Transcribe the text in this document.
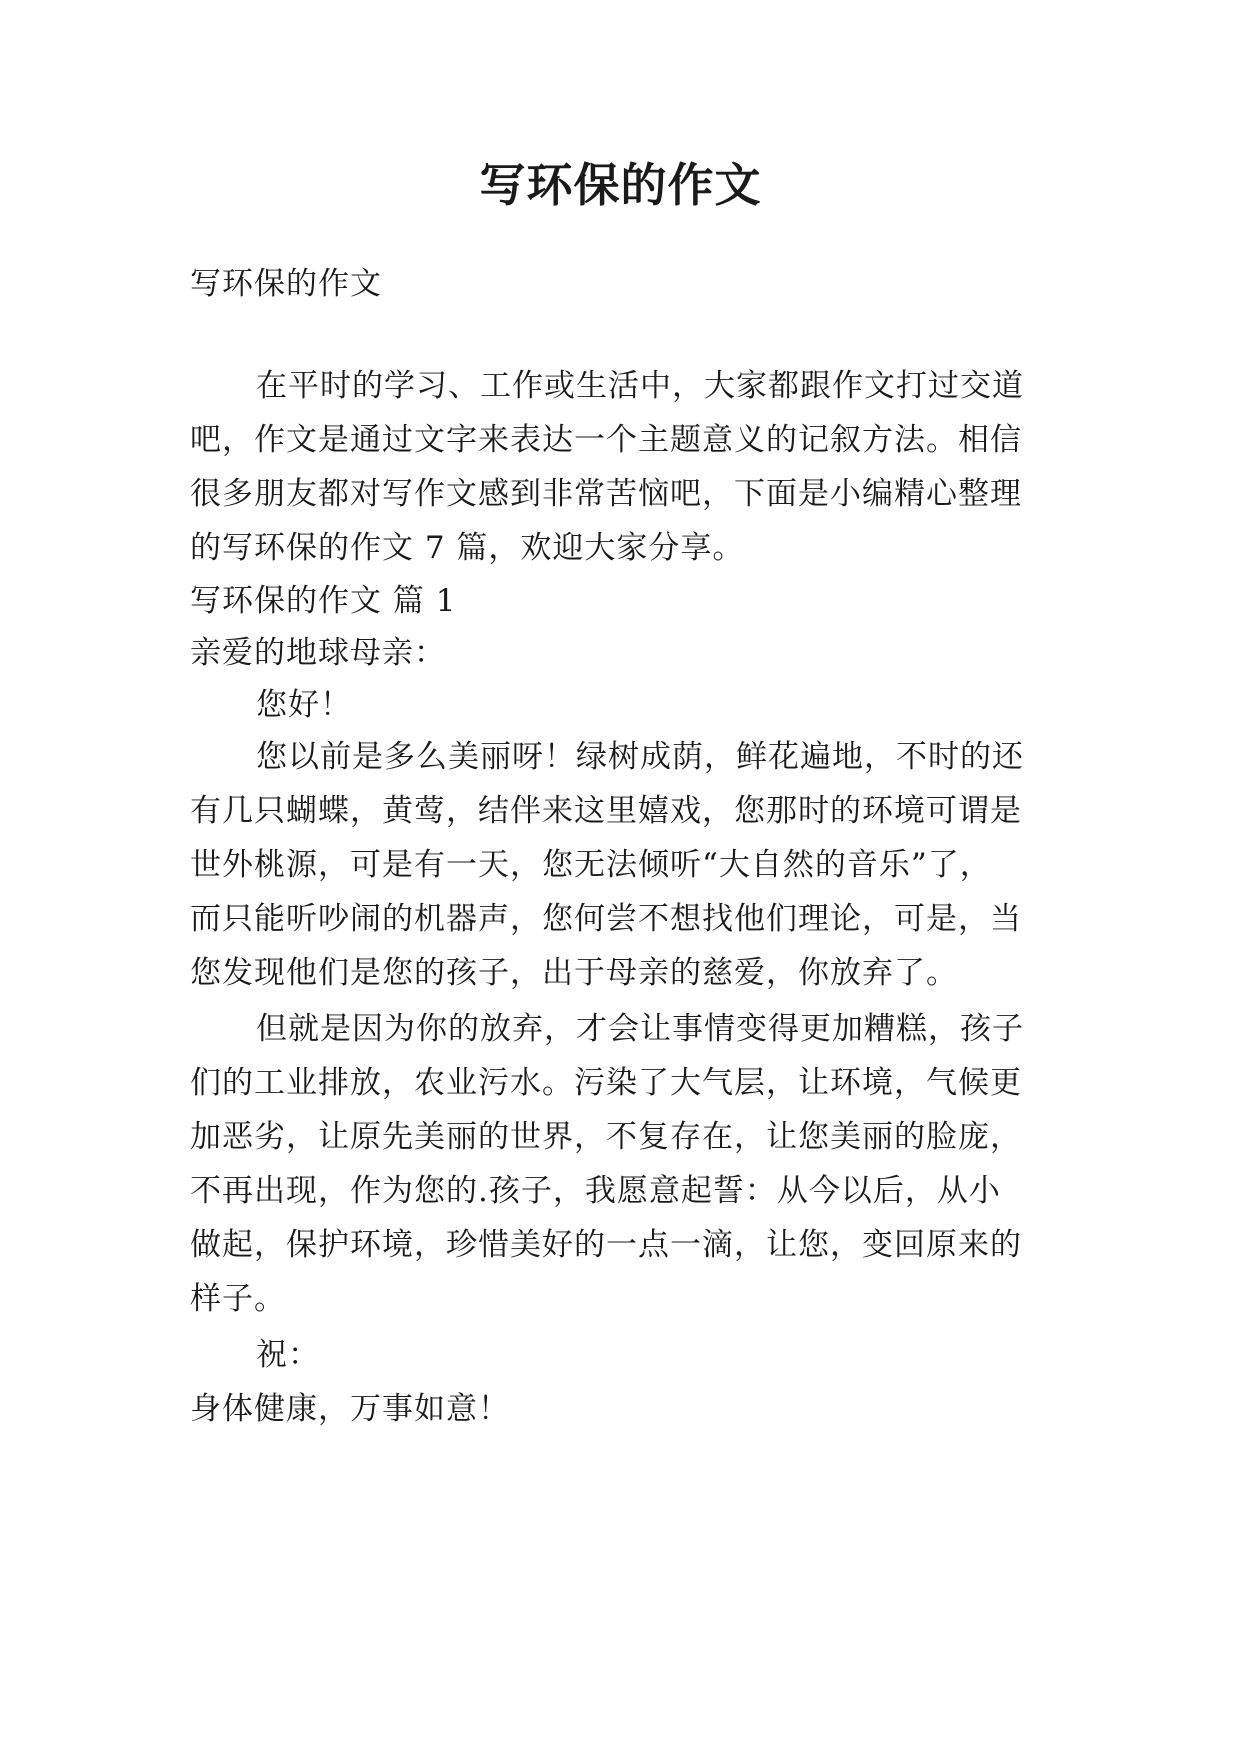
写环保的作文
写环保的作文
在平时的学习、工作或生活中，大家都跟作文打过交道
吧，作文是通过文字来表达一个主题意义的记叙方法。相信
很多朋友都对写作文感到非常苦恼吧，下面是小编精心整理
的写环保的作文 7 篇，欢迎大家分享。
写环保的作文 篇 1
亲爱的地球母亲：
您好！
您以前是多么美丽呀！绿树成荫，鲜花遍地，不时的还
有几只蝴蝶，黄莺，结伴来这里嬉戏，您那时的环境可谓是
世外桃源，可是有一天，您无法倾听“大自然的音乐”了，
而只能听吵闹的机器声，您何尝不想找他们理论，可是，当
您发现他们是您的孩子，出于母亲的慈爱，你放弃了。
但就是因为你的放弃，才会让事情变得更加糟糕，孩子
们的工业排放，农业污水。污染了大气层，让环境，气候更
加恶劣，让原先美丽的世界，不复存在，让您美丽的脸庞，
不再出现，作为您的.孩子，我愿意起誓：从今以后，从小
做起，保护环境，珍惜美好的一点一滴，让您，变回原来的
样子。
祝：
身体健康，万事如意！
